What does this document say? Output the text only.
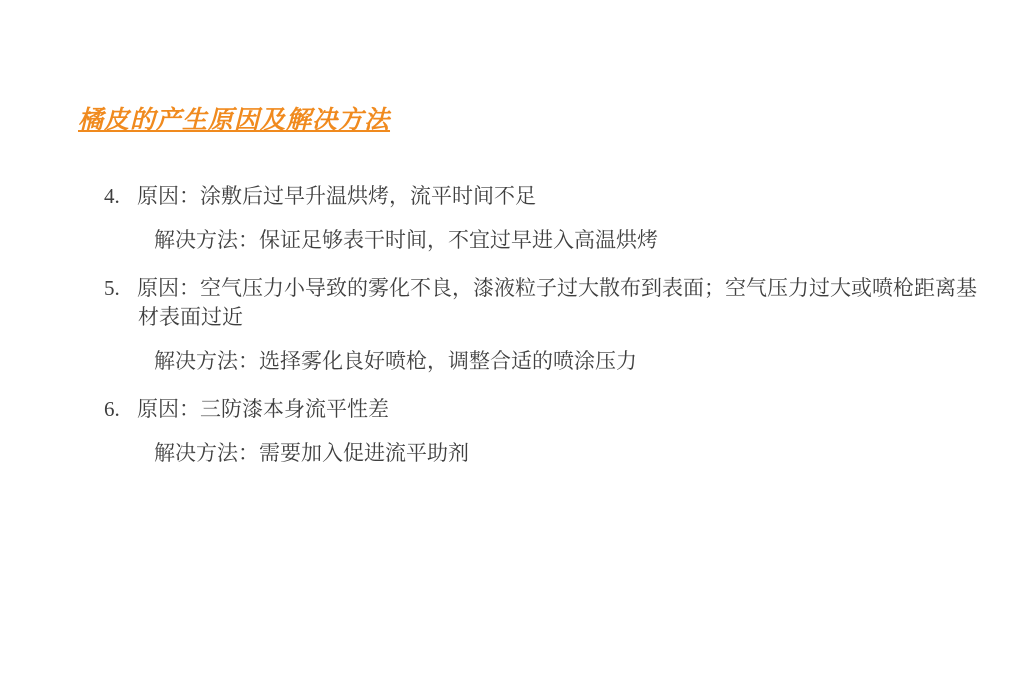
橘皮的产生原因及解决方法
4. 原因：涂敷后过早升温烘烤，流平时间不足
解决方法：保证足够表干时间，不宜过早进入高温烘烤
5. 原因：空气压力小导致的雾化不良，漆液粒子过大散布到表面；空气压力过大或喷枪距离基材表面过近
解决方法：选择雾化良好喷枪，调整合适的喷涂压力
6. 原因：三防漆本身流平性差
解决方法：需要加入促进流平助剂
